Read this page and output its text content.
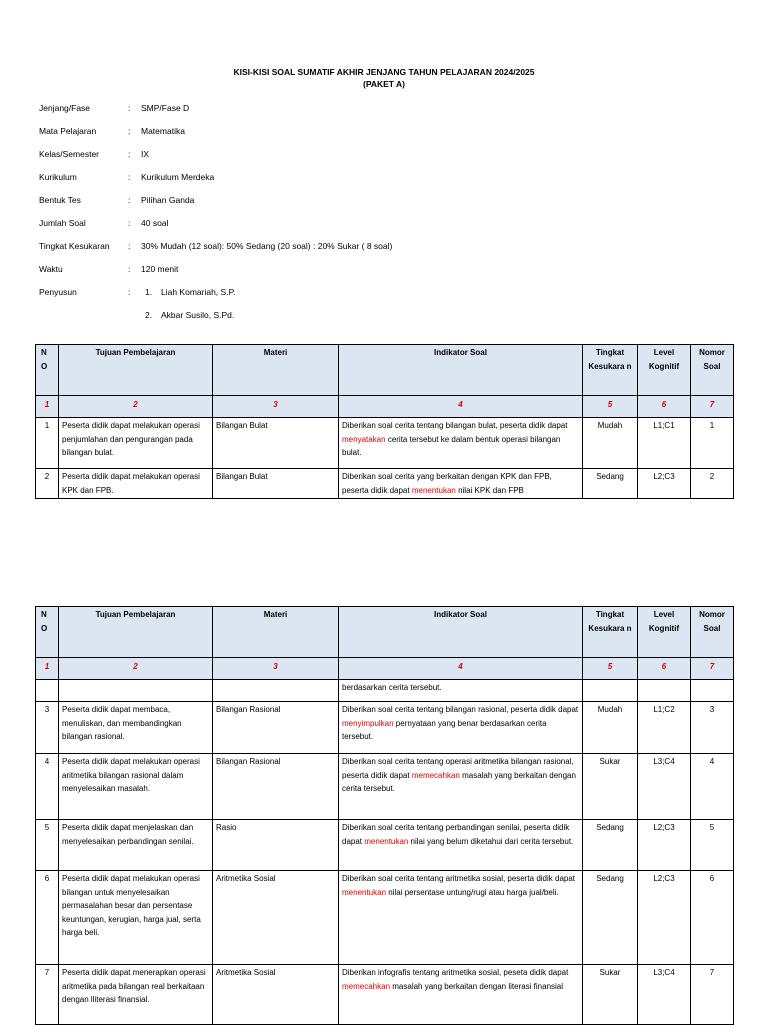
KISI-KISI SOAL SUMATIF AKHIR JENJANG TAHUN PELAJARAN 2024/2025
(PAKET A)
Jenjang/Fase	: SMP/Fase D
Mata Pelajaran	: Matematika
Kelas/Semester	: IX
Kurikulum	: Kurikulum Merdeka
Bentuk Tes	: Pilihan Ganda
Jumlah Soal	: 40 soal
Tingkat Kesukaran : 30% Mudah (12 soal): 50% Sedang (20 soal) : 20% Sukar ( 8 soal)
Waktu	: 120 menit
Penyusun	: 1. Liah Komariah, S.P.
2. Akbar Susilo, S.Pd.
N O	Tujuan Pembelajaran	Materi	Indikator Soal	Tingkat Kesukara n	Level Kognitif	Nomor Soal
1	2	3	4	5	6	7
1	Peserta didik dapat melakukan operasi penjumlahan dan pengurangan pada bilangan bulat.	Bilangan Bulat	Diberikan soal cerita tentang bilangan bulat, peserta didik dapat menyatakan cerita tersebut ke dalam bentuk operasi bilangan bulat.	Mudah	L1;C1	1
2	Peserta didik dapat melakukan operasi KPK dan FPB.	Bilangan Bulat	Diberikan soal cerita yang berkaitan dengan KPK dan FPB, peserta didik dapat menentukan nilai KPK dan FPB	Sedang	L2;C3	2
N O	Tujuan Pembelajaran	Materi	Indikator Soal	Tingkat Kesukara n	Level Kognitif	Nomor Soal
1	2	3	4	5	6	7
			berdasarkan cerita tersebut.			
3	Peserta didik dapat membaca, menuliskan, dan membandingkan bilangan rasional.	Bilangan Rasional	Diberikan soal cerita tentang bilangan rasional, peserta didik dapat menyimpulkan pernyataan yang benar berdasarkan cerita tersebut.	Mudah	L1;C2	3
4	Peserta didik dapat melakukan operasi aritmetika bilangan rasional dalam menyelesaikan masalah.	Bilangan Rasional	Diberikan soal cerita tentang operasi aritmetika bilangan rasional, peserta didik dapat memecahkan masalah yang berkaitan dengan cerita tersebut.	Sukar	L3;C4	4
5	Peserta didik dapat menjelaskan dan menyelesaikan perbandingan senilai.	Rasio	Diberikan soal cerita tentang perbandingan senilai, peserta didik dapat menentukan nilai yang belum diketahui dari cerita tersebut.	Sedang	L2;C3	5
6	Peserta didik dapat melakukan operasi bilangan untuk menyelesaikan permasalahan besar dan persentase keuntungan, kerugian, harga jual, serta harga beli.	Aritmetika Sosial	Diberikan soal cerita tentang aritmetika sosial, peserta didik dapat menentukan nilai persentase untung/rugi atau harga jual/beli.	Sedang	L2;C3	6
7	Peserta didik dapat menerapkan operasi aritmetika pada bilangan real berkaitaan dengan lliterasi finansial.	Aritmetika Sosial	Diberikan infografis tentang aritmetika sosial, peseta didik dapat memecahkan masalah yang berkaitan dengan literasi finansial	Sukar	L3;C4	7
